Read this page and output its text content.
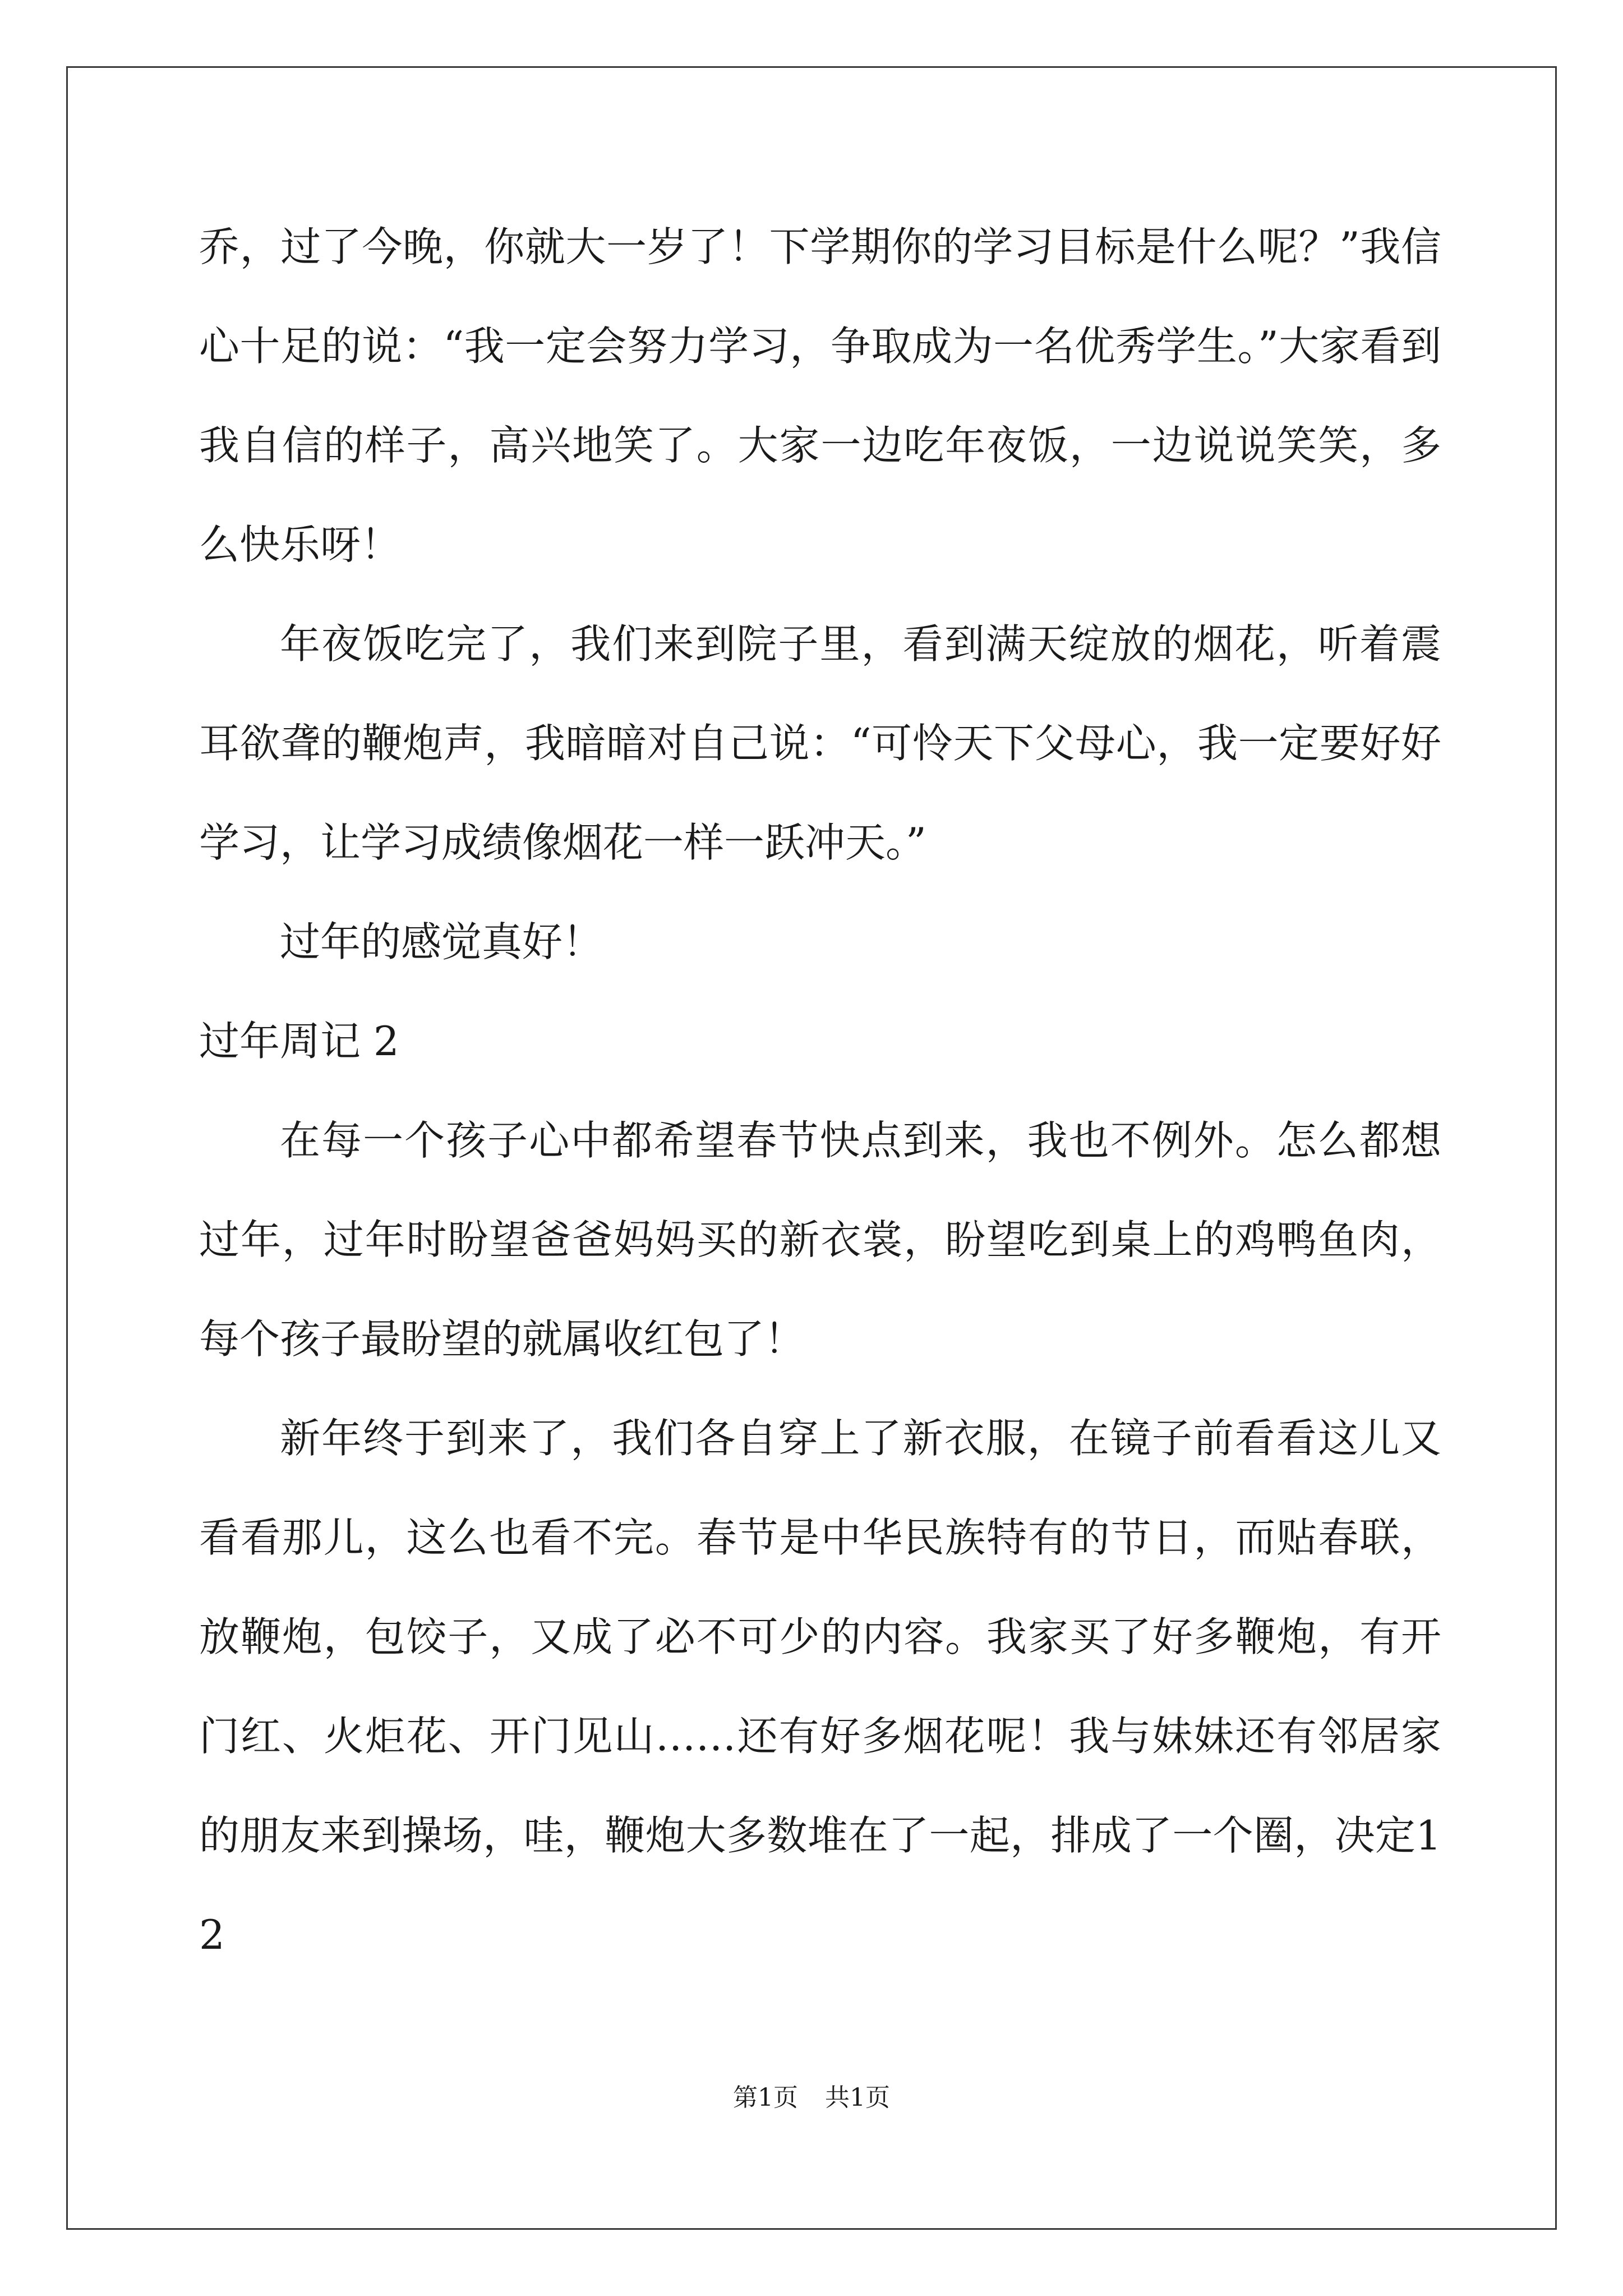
乔，过了今晚，你就大一岁了！下学期你的学习目标是什么呢？”我信心十足的说：“我一定会努力学习，争取成为一名优秀学生。”大家看到我自信的样子，高兴地笑了。大家一边吃年夜饭，一边说说笑笑，多么快乐呀！

年夜饭吃完了，我们来到院子里，看到满天绽放的烟花，听着震耳欲聋的鞭炮声，我暗暗对自己说：“可怜天下父母心，我一定要好好学习，让学习成绩像烟花一样一跃冲天。”

过年的感觉真好！

过年周记 2

在每一个孩子心中都希望春节快点到来，我也不例外。怎么都想过年，过年时盼望爸爸妈妈买的新衣裳，盼望吃到桌上的鸡鸭鱼肉，每个孩子最盼望的就属收红包了！

新年终于到来了，我们各自穿上了新衣服，在镜子前看看这儿又看看那儿，这么也看不完。春节是中华民族特有的节日，而贴春联，放鞭炮，包饺子，又成了必不可少的内容。我家买了好多鞭炮，有开门红、火炬花、开门见山……还有好多烟花呢！我与妹妹还有邻居家的朋友来到操场，哇，鞭炮大多数堆在了一起，排成了一个圈，决定12

第1页 共1页
